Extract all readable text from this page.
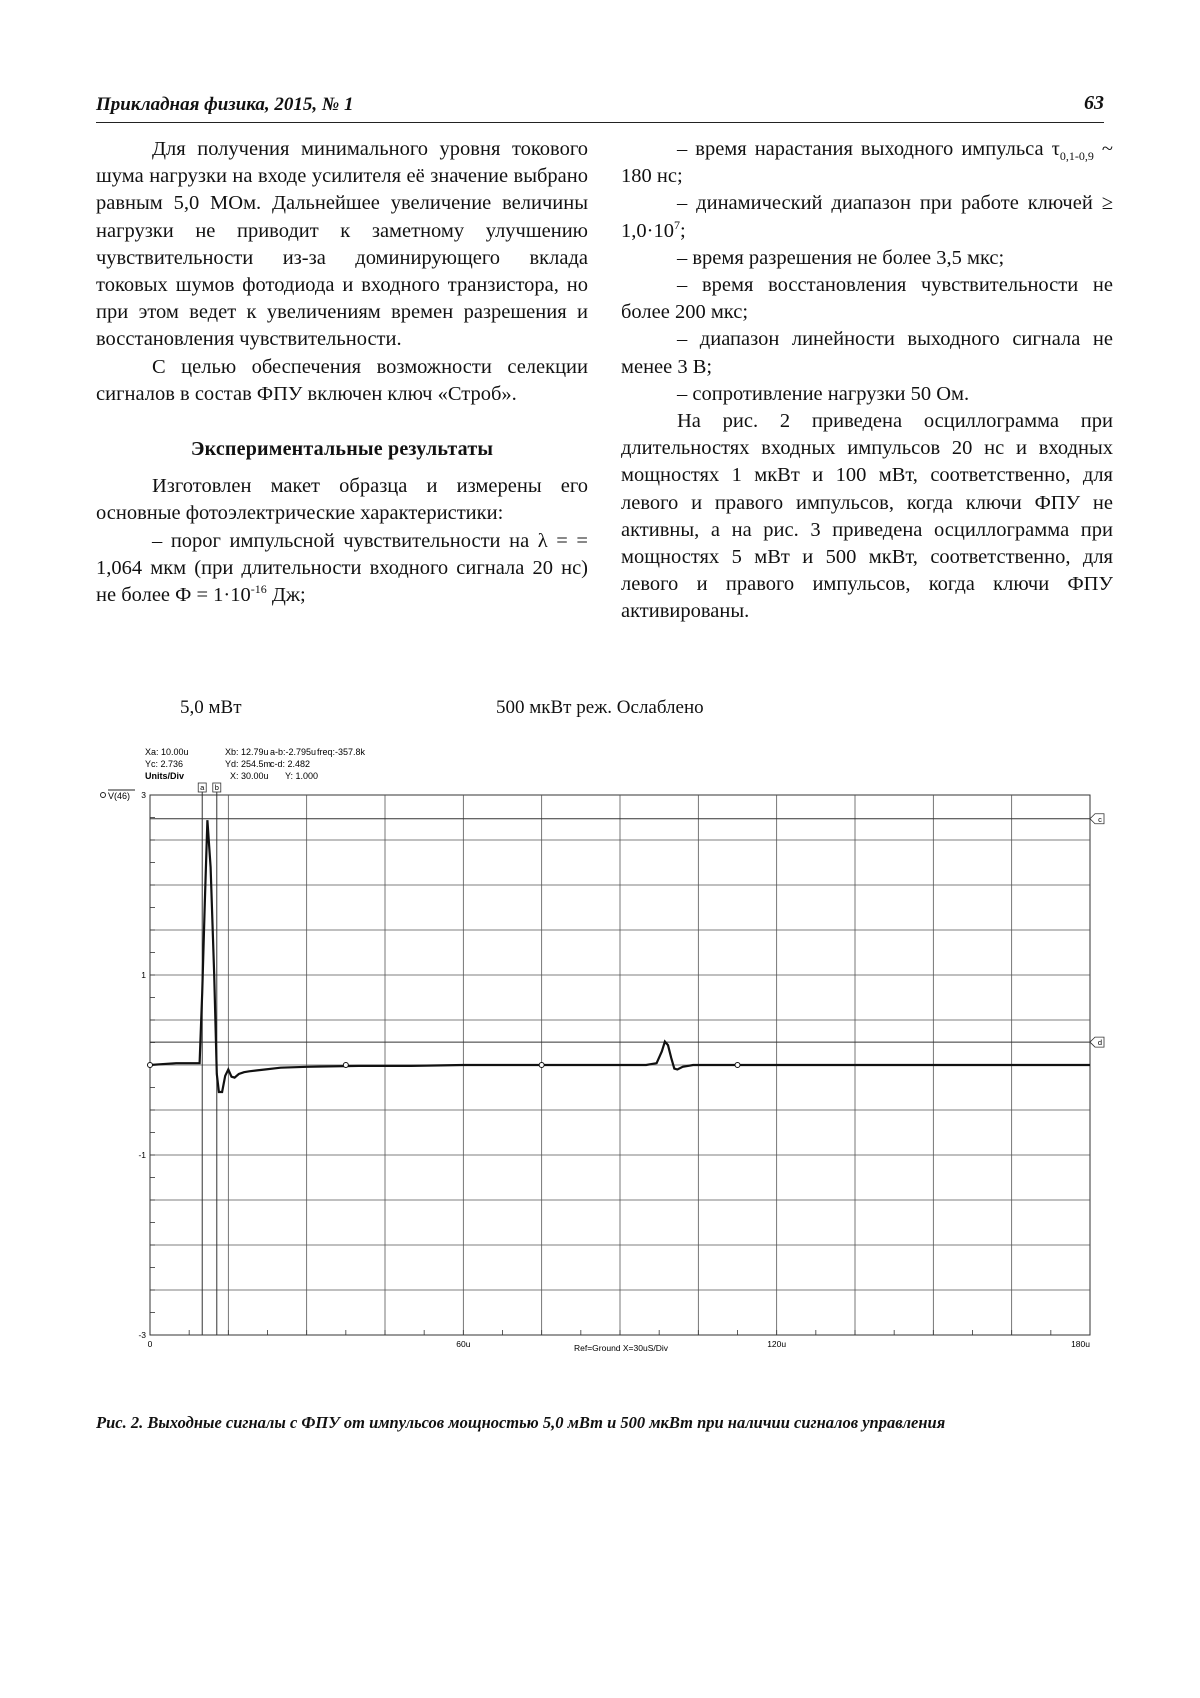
Прикладная физика, 2015, № 1	63

Для получения минимального уровня токового шума нагрузки на входе усилителя её значение выбрано равным 5,0 МОм. Дальнейшее увеличение величины нагрузки не приводит к заметному улучшению чувствительности из-за доминирующего вклада токовых шумов фотодиода и входного транзистора, но при этом ведет к увеличениям времен разрешения и восстановления чувствительности.

С целью обеспечения возможности селекции сигналов в состав ФПУ включен ключ «Строб».

Экспериментальные результаты

Изготовлен макет образца и измерены его основные фотоэлектрические характеристики:

– порог импульсной чувствительности на λ = = 1,064 мкм (при длительности входного сигнала 20 нс) не более $Ф = 1\cdot 10^{-16}$ Дж;

– время нарастания выходного импульса $\tau_{0,1-0,9}$ ~ 180 нс;

– динамический диапазон при работе ключей ≥ $1,0\cdot 10^7$;

– время разрешения не более 3,5 мкс;

– время восстановления чувствительности не более 200 мкс;

– диапазон линейности выходного сигнала не менее 3 В;

– сопротивление нагрузки 50 Ом.

На рис. 2 приведена осциллограмма при длительностях входных импульсов 20 нс и входных мощностях 1 мкВт и 100 мВт, соответственно, для левого и правого импульсов, когда ключи ФПУ не активны, а на рис. 3 приведена осциллограмма при мощностях 5 мВт и 500 мкВт, соответственно, для левого и правого импульсов, когда ключи ФПУ активированы.

5,0 мВт	500 мкВт реж. Ослаблено
Xa: 10.00u	Xb: 12.79u a-b:-2.795u freq:-357.8k
Yc: 2.736	Yd: 254.5m
c-d: 2.482
Units/Div	X: 30.00u Y: 1.000
V(46)
-3
-1
1
3
0	60u	120u	180u
a b
c
d
Ref=Ground X=30uS/Div
Рис. 2. Выходные сигналы с ФПУ от импульсов мощностью 5,0 мВт и 500 мкВт при наличии сигналов управления
